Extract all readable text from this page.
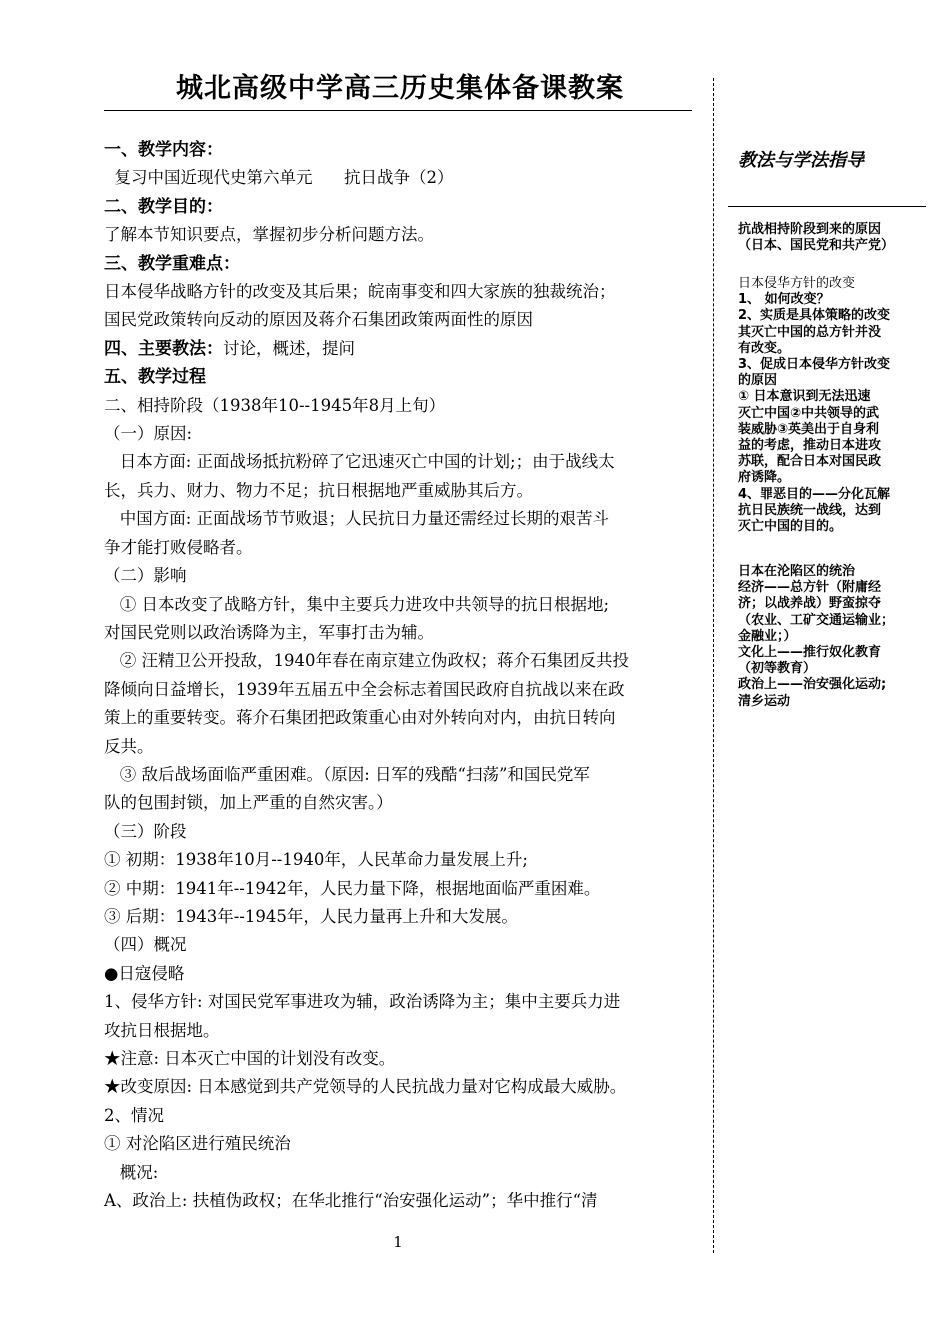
城北高级中学高三历史集体备课教案
一、教学内容：
复习中国近现代史第六单元      抗日战争（2）
二、教学目的：
了解本节知识要点，掌握初步分析问题方法。
三、教学重难点：
日本侵华战略方针的改变及其后果；皖南事变和四大家族的独裁统治；
国民党政策转向反动的原因及蒋介石集团政策两面性的原因
四、主要教法：讨论，概述，提问
五、教学过程
二、相持阶段（1938年10--1945年8月上旬）
（一）原因:
日本方面: 正面战场抵抗粉碎了它迅速灭亡中国的计划;；由于战线太
长，兵力、财力、物力不足；抗日根据地严重威胁其后方。
中国方面: 正面战场节节败退；人民抗日力量还需经过长期的艰苦斗
争才能打败侵略者。
（二）影响
① 日本改变了战略方针，集中主要兵力进攻中共领导的抗日根据地;
对国民党则以政治诱降为主，军事打击为辅。
② 汪精卫公开投敌，1940年春在南京建立伪政权；蒋介石集团反共投
降倾向日益增长，1939年五届五中全会标志着国民政府自抗战以来在政
策上的重要转变。蒋介石集团把政策重心由对外转向对内，由抗日转向
反共。
③ 敌后战场面临严重困难。（原因: 日军的残酷“扫荡”和国民党军
队的包围封锁，加上严重的自然灾害。）
（三）阶段
① 初期：1938年10月--1940年，人民革命力量发展上升;
② 中期：1941年--1942年，人民力量下降，根据地面临严重困难。
③ 后期：1943年--1945年，人民力量再上升和大发展。
（四）概况
●日寇侵略
1、侵华方针: 对国民党军事进攻为辅，政治诱降为主；集中主要兵力进
攻抗日根据地。
★注意: 日本灭亡中国的计划没有改变。
★改变原因: 日本感觉到共产党领导的人民抗战力量对它构成最大威胁。
2、情况
① 对沦陷区进行殖民统治
概况:
A、政治上: 扶植伪政权；在华北推行“治安强化运动”；华中推行“清
教法与学法指导
抗战相持阶段到来的原因
（日本、国民党和共产党）
日本侵华方针的改变
1、 如何改变？
2、实质是具体策略的改变
其灭亡中国的总方针并没
有改变。
3、促成日本侵华方针改变
的原因
① 日本意识到无法迅速
灭亡中国②中共领导的武
装威胁③英美出于自身利
益的考虑，推动日本进攻
苏联，配合日本对国民政
府诱降。
4、罪恶目的——分化瓦解
抗日民族统一战线，达到
灭亡中国的目的。
日本在沦陷区的统治
经济——总方针（附庸经
济；以战养战）野蛮掠夺
（农业、工矿交通运输业；
金融业；）
文化上——推行奴化教育
（初等教育）
政治上——治安强化运动;
清乡运动
1
